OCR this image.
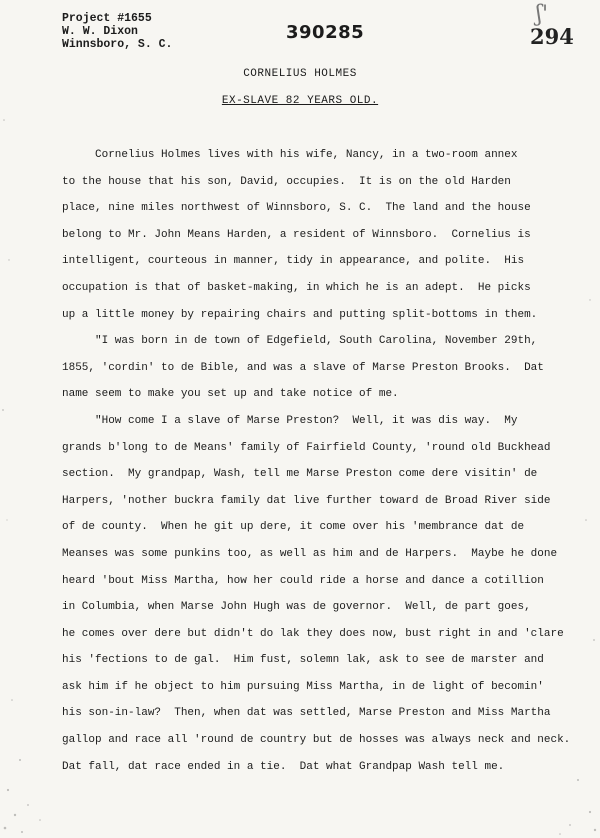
ʃ'
Project #1655
W. W. Dixon
Winnsboro, S. C.
390285	294
CORNELIUS HOLMES
EX-SLAVE 82 YEARS OLD.

Cornelius Holmes lives with his wife, Nancy, in a two-room annex

to the house that his son, David, occupies.  It is on the old Harden

place, nine miles northwest of Winnsboro, S. C.  The land and the house

belong to Mr. John Means Harden, a resident of Winnsboro.  Cornelius is

intelligent, courteous in manner, tidy in appearance, and polite.  His

occupation is that of basket-making, in which he is an adept.  He picks

up a little money by repairing chairs and putting split-bottoms in them.

"I was born in de town of Edgefield, South Carolina, November 29th,

1855, 'cordin' to de Bible, and was a slave of Marse Preston Brooks.  Dat

name seem to make you set up and take notice of me.

"How come I a slave of Marse Preston?  Well, it was dis way.  My

grands b'long to de Means' family of Fairfield County, 'round old Buckhead

section.  My grandpap, Wash, tell me Marse Preston come dere visitin' de

Harpers, 'nother buckra family dat live further toward de Broad River side

of de county.  When he git up dere, it come over his 'membrance dat de

Meanses was some punkins too, as well as him and de Harpers.  Maybe he done

heard 'bout Miss Martha, how her could ride a horse and dance a cotillion

in Columbia, when Marse John Hugh was de governor.  Well, de part goes,

he comes over dere but didn't do lak they does now, bust right in and 'clare

his 'fections to de gal.  Him fust, solemn lak, ask to see de marster and

ask him if he object to him pursuing Miss Martha, in de light of becomin'

his son-in-law?  Then, when dat was settled, Marse Preston and Miss Martha

gallop and race all 'round de country but de hosses was always neck and neck.

Dat fall, dat race ended in a tie.  Dat what Grandpap Wash tell me.
